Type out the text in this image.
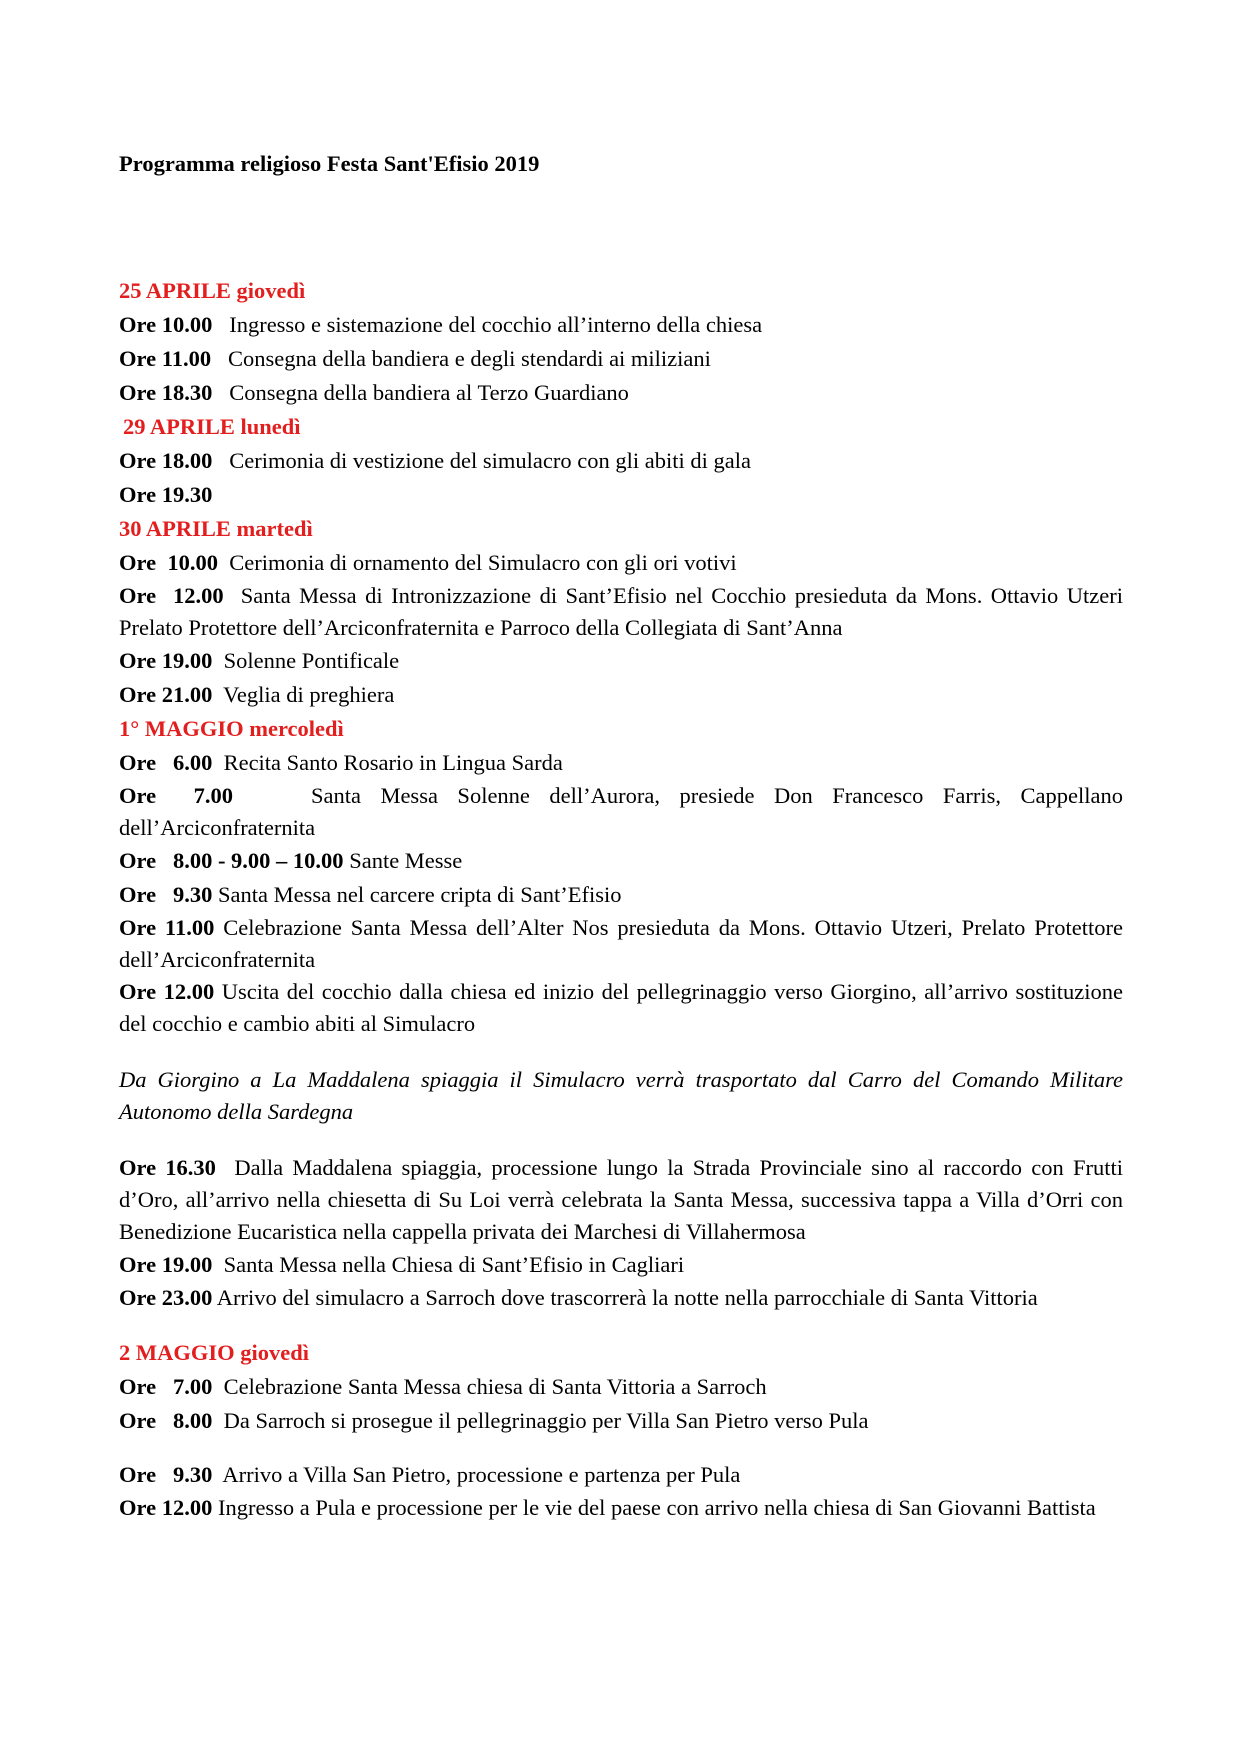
Programma religioso Festa Sant'Efisio 2019

25 APRILE giovedì

Ore 10.00 Ingresso e sistemazione del cocchio all’interno della chiesa

Ore 11.00 Consegna della bandiera e degli stendardi ai miliziani

Ore 18.30 Consegna della bandiera al Terzo Guardiano

29 APRILE lunedì

Ore 18.00 Cerimonia di vestizione del simulacro con gli abiti di gala

Ore 19.30

30 APRILE martedì

Ore  10.00 Cerimonia di ornamento del Simulacro con gli ori votivi

Ore  12.00 Santa Messa di Intronizzazione di Sant’Efisio nel Cocchio presieduta da Mons. Ottavio Utzeri Prelato Protettore dell’Arciconfraternita e Parroco della Collegiata di Sant’Anna

Ore 19.00 Solenne Pontificale

Ore 21.00 Veglia di preghiera

1° MAGGIO mercoledì

Ore   6.00 Recita Santo Rosario in Lingua Sarda

Ore 7.00	Santa Messa Solenne dell’Aurora, presiede Don Francesco Farris, Cappellano dell’Arciconfraternita

Ore   8.00 - 9.00 – 10.00 Sante Messe

Ore   9.30 Santa Messa nel carcere cripta di Sant’Efisio

Ore 11.00 Celebrazione Santa Messa dell’Alter Nos presieduta da Mons. Ottavio Utzeri, Prelato Protettore dell’Arciconfraternita

Ore 12.00 Uscita del cocchio dalla chiesa ed inizio del pellegrinaggio verso Giorgino, all’arrivo sostituzione del cocchio e cambio abiti al Simulacro

Da Giorgino a La Maddalena spiaggia il Simulacro verrà trasportato dal Carro del Comando Militare Autonomo della Sardegna

Ore 16.30 Dalla Maddalena spiaggia, processione lungo la Strada Provinciale sino al raccordo con Frutti d’Oro, all’arrivo nella chiesetta di Su Loi verrà celebrata la Santa Messa, successiva tappa a Villa d’Orri con Benedizione Eucaristica nella cappella privata dei Marchesi di Villahermosa

Ore 19.00 Santa Messa nella Chiesa di Sant’Efisio in Cagliari

Ore 23.00 Arrivo del simulacro a Sarroch dove trascorrerà la notte nella parrocchiale di Santa Vittoria

2 MAGGIO giovedì

Ore   7.00 Celebrazione Santa Messa chiesa di Santa Vittoria a Sarroch

Ore   8.00 Da Sarroch si prosegue il pellegrinaggio per Villa San Pietro verso Pula

Ore   9.30 Arrivo a Villa San Pietro, processione e partenza per Pula

Ore 12.00 Ingresso a Pula e processione per le vie del paese con arrivo nella chiesa di San Giovanni Battista
